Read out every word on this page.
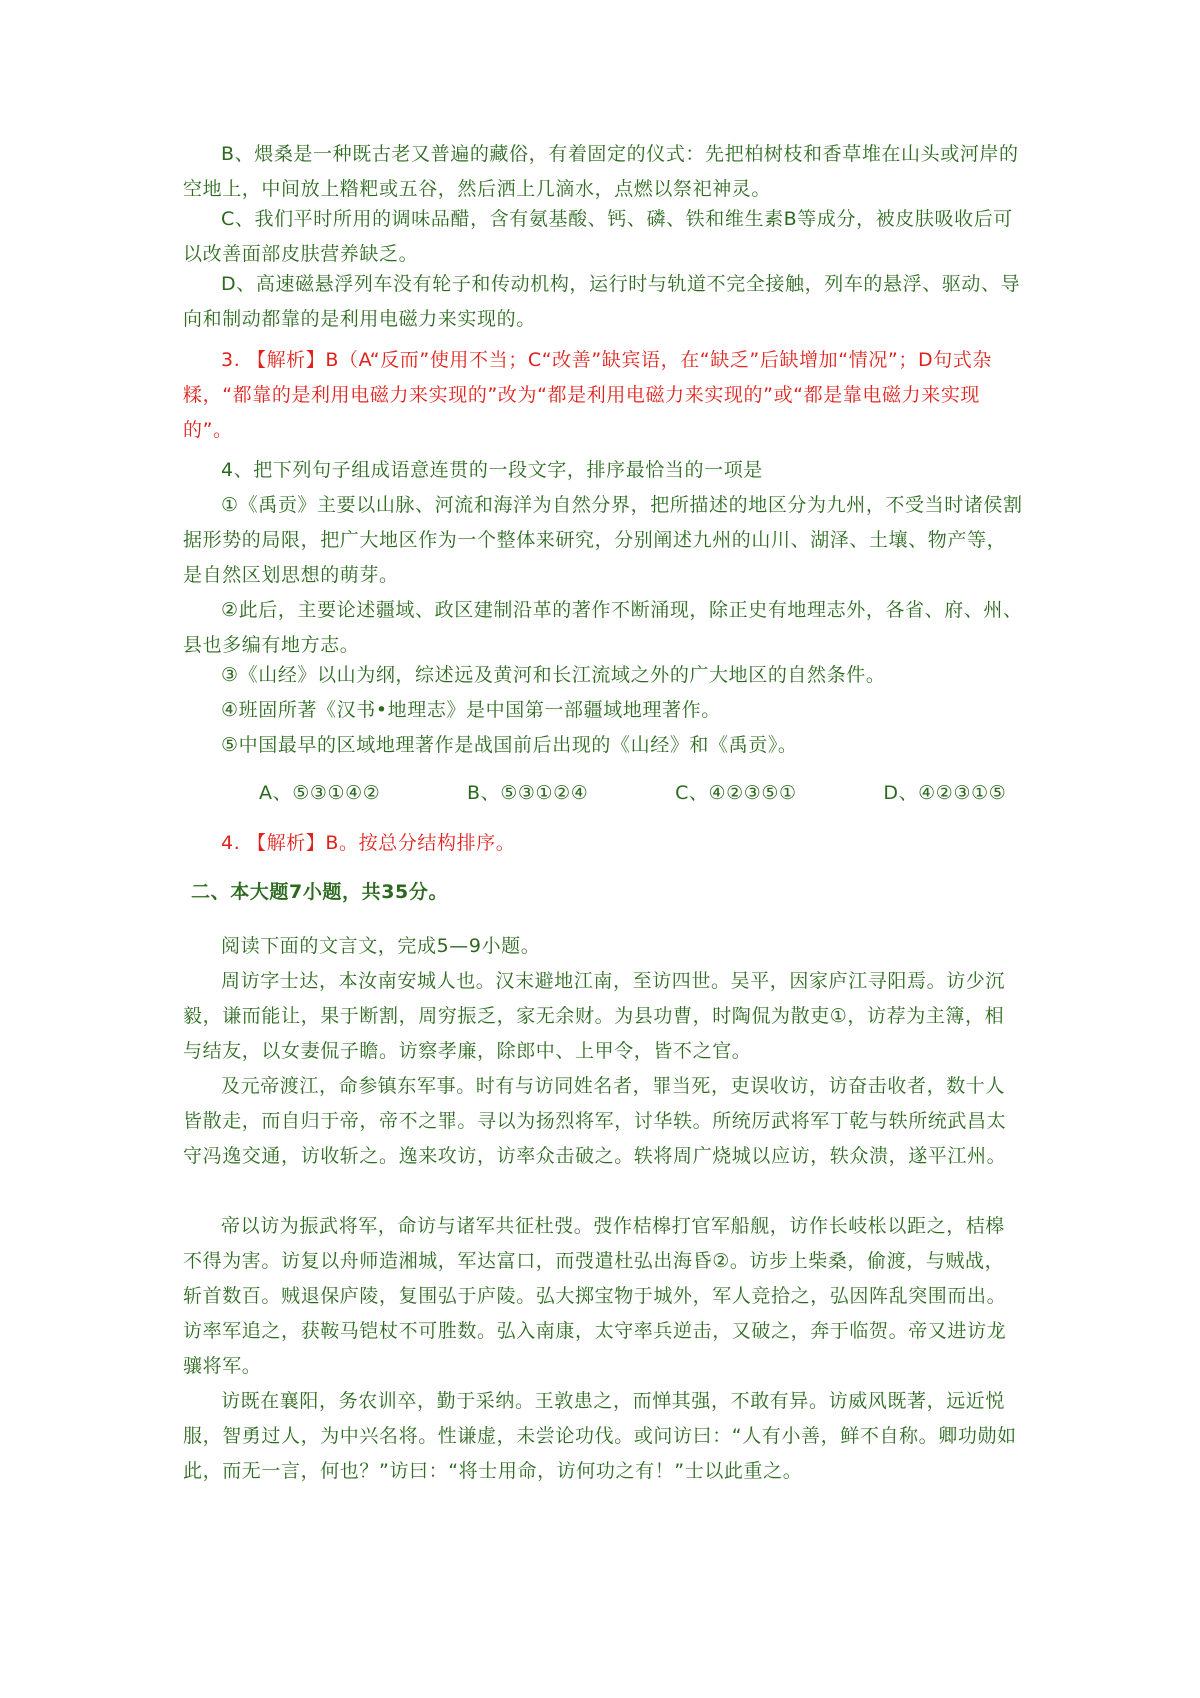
B、煨桑是一种既古老又普遍的藏俗，有着固定的仪式：先把柏树枝和香草堆在山头或河岸的空地上，中间放上糌粑或五谷，然后洒上几滴水，点燃以祭祀神灵。

C、我们平时所用的调味品醋，含有氨基酸、钙、磷、铁和维生素B等成分，被皮肤吸收后可以改善面部皮肤营养缺乏。

D、高速磁悬浮列车没有轮子和传动机构，运行时与轨道不完全接触，列车的悬浮、驱动、导向和制动都靠的是利用电磁力来实现的。

3. 【解析】B（A“反而”使用不当；C“改善”缺宾语，在“缺乏”后缺增加“情况”；D句式杂糅，“都靠的是利用电磁力来实现的”改为“都是利用电磁力来实现的”或“都是靠电磁力来实现的”。

4、把下列句子组成语意连贯的一段文字，排序最恰当的一项是

①《禹贡》主要以山脉、河流和海洋为自然分界，把所描述的地区分为九州，不受当时诸侯割据形势的局限，把广大地区作为一个整体来研究，分别阐述九州的山川、湖泽、土壤、物产等，是自然区划思想的萌芽。

②此后，主要论述疆域、政区建制沿革的著作不断涌现，除正史有地理志外，各省、府、州、县也多编有地方志。

③《山经》以山为纲，综述远及黄河和长江流域之外的广大地区的自然条件。

④班固所著《汉书•地理志》是中国第一部疆域地理著作。

⑤中国最早的区域地理著作是战国前后出现的《山经》和《禹贡》。

A、⑤③①④②	B、⑤③①②④	C、④②③⑤①	D、④②③①⑤

4. 【解析】B。按总分结构排序。

二、本大题7小题，共35分。

阅读下面的文言文，完成5—9小题。

周访字士达，本汝南安城人也。汉末避地江南，至访四世。吴平，因家庐江寻阳焉。访少沉毅，谦而能让，果于断割，周穷振乏，家无余财。为县功曹，时陶侃为散吏①，访荐为主簿，相与结友，以女妻侃子瞻。访察孝廉，除郎中、上甲令，皆不之官。

及元帝渡江，命参镇东军事。时有与访同姓名者，罪当死，吏误收访，访奋击收者，数十人皆散走，而自归于帝，帝不之罪。寻以为扬烈将军，讨华轶。所统厉武将军丁乾与轶所统武昌太守冯逸交通，访收斩之。逸来攻访，访率众击破之。轶将周广烧城以应访，轶众溃，遂平江州。

帝以访为振武将军，命访与诸军共征杜弢。弢作桔槔打官军船舰，访作长岐枨以距之，桔槔不得为害。访复以舟师造湘城，军达富口，而弢遣杜弘出海昏②。访步上柴桑，偷渡，与贼战，斩首数百。贼退保庐陵，复围弘于庐陵。弘大掷宝物于城外，军人竞拾之，弘因阵乱突围而出。访率军追之，获鞍马铠杖不可胜数。弘入南康，太守率兵逆击，又破之，奔于临贺。帝又进访龙骧将军。

访既在襄阳，务农训卒，勤于采纳。王敦患之，而惮其强，不敢有异。访威风既著，远近悦服，智勇过人，为中兴名将。性谦虚，未尝论功伐。或问访曰：“人有小善，鲜不自称。卿功勋如此，而无一言，何也？”访曰：“将士用命，访何功之有！”士以此重之。
